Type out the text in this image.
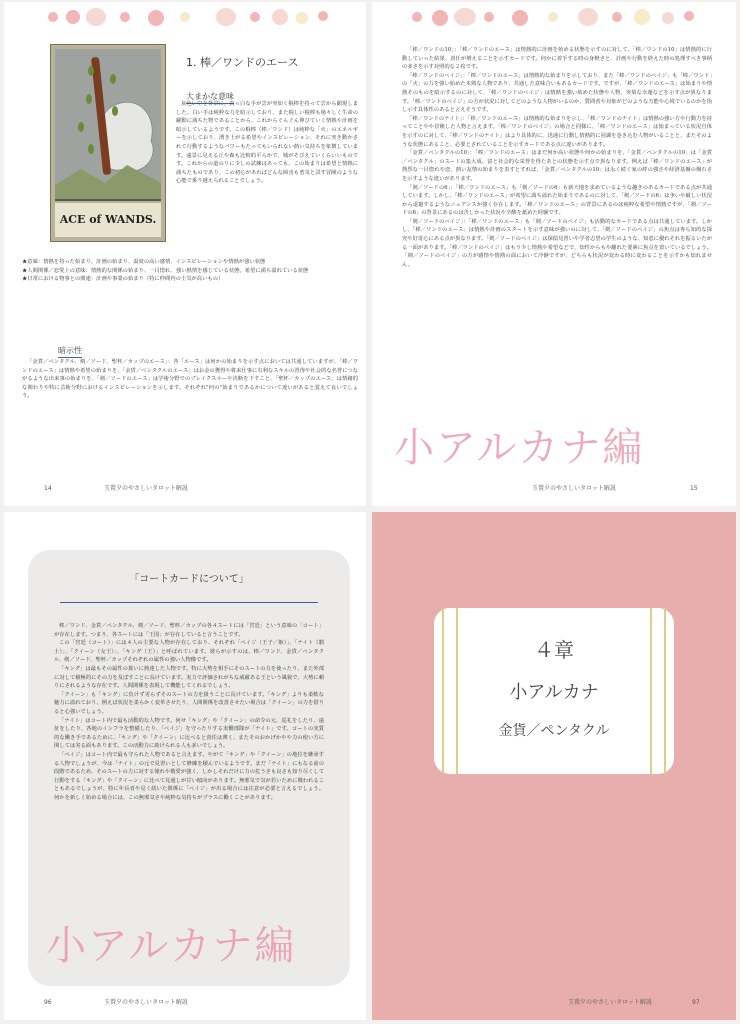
ACE of WANDS.
1. 棒／ワンドのエース
大まかな意味

灰色い空を背景に、真っ白な手が雲が突如く棍棒を持って雲から顕現しました。白い手は純粋な力を暗示しており、また棍しい棍棒も場々しく生命の躍動に満ちた物であることから、これからぐんぐん伸びていく情熱や計画を暗示しているようです。この棍棒（棒／ワンド）は純粋な「火」のエネルギーを示しており、湧き上がる希望やインスピレーション、それに突き動かされて行動するようなパワーもたってもいられない熱い気持ちを象徴しています。遠景に見える丘や森も比較的平らかで、城がそびえていくらいいものです。これからの道のりに少しの試練はあっても、この始まりは希望と情熱に満ちたものであり、この初心があればどんな障害も勇気と試す冒険のような心能で乗り越えられることでしょう。

★意味：情熱を持った始まり、計画の始まり、温度の高い感情、インスピレーションや情熱が強い状態

★人間関係／恋愛上の意味：情熱的な関係の始まり、一目惚れ、強い熱情を感じている状態、希望に満ち溢れている状態

★日常における物事との関連：計画や事業の始まり（特に仲間内の士気が高いもの）

暗示性

「金貨／ペンタクル、剣／ソード、聖杯／カップのエース」：各「エース」は何かの始まりを示す点においては共通していますが、「棒／ワンドのエース」は情熱や希望の始まりを、「金貨／ペンタクルのエース」はお金の獲得や将来仕事に有利なスキルの習得や社会的な名誉につながるような出来事の始まりを、「剣／ソードのエース」は学術分野でのブレイクスルーや決断を下すこと、「聖杯／カップのエース」は情緒的な関わりや特に芸術分野におけるインスピレーションを示します。それぞれ"何の"始まりであるかについて違いがあると覚えて良いでしょう。

14	玉置夕のやさしいタロット解説

「棒／ワンドの10」：「棒／ワンドのエース」は情熱的に計画を始める状態を示すのに対して、「棒／ワンドの10」は情熱的に行動していった結果、責任が増えることを示すカードです。何かに着手する時の身軽さと、計画や行動を終えた時の処理すべき事柄の多さを示す対照的な２枚です。

「棒／ワンドのペイジ」：「棒／ワンドのエース」は情熱的な始まりを示しており、また「棒／ワンドのペイジ」も「棒／ワンド」の「火」の力を強い始めた未熟な人物であり、共通した意味合いもあるカードです。ですが、「棒／ワンドのエース」は始まりや情熱そのものを暗示するのに対して、「棒／ワンドのペイジ」は情熱を強い始めた状態や人物、突飛な幸運などを示す点が異なります。「棒／ワンドのペイジ」の方が状況に対してどのような人物がいるのか、質問者や対象がどのような方能や心境でいるのかを指し示す具体性のあると言えそうです。

「棒／ワンドのナイト」：「棒／ワンドのエース」は情熱的な始まりを示し、「棒／ワンドのナイト」は情熱の強い方や行動力を持ってことやや冒険した人物と言えます。「棒／ワンドのペイジ」の場合と同様に、「棒／ワンドのエース」は始まっている状況自体を示すのに対して、「棒／ワンドのナイト」はより具体的に、迅速に行動し情熱的に同調を巻き込む人物がいることと、またそのような状態にあること、必要とされていることを示すカードである点に違いがあります。

「金貨／ペンタクルの10」：「棒／ワンドのエース」はまだ何か高い状態や何かの始まりを、「金貨／ペンタクルの10」は「金貨／ペンタクル」のスートの集大成、富と社会的な栄誉を得たあとの状態を示す点で異なります。例えば「棒／ワンドのエース」が熱烈な一目惚れや恋、熱い友情の始まりを表すとすれば、「金貨／ペンタクルの10」は永く続く家の絆の強さや経済基盤の盤石さを示すような違いがあります。

「剣／ソードの6」：「棒／ワンドのエース」も「剣／ソードの6」も新天地を求めているような趣きのあるカードである点が共通しています。しかし、「棒／ワンドのエース」が希望に満ち溢れた始まりであるのに対して、「剣／ソードの6」は争いや厳しい状況から退避するようなニュアンスが強く存在します。「棒／ワンドのエース」の背景にあるのは純粋な希望や情熱ですが、「剣／ソードの6」の背景にあるのは苦しかった状況や辛酸を舐めた経験です。

「剣／ソードのペイジ」：「棒／ワンドのエース」も「剣／ソードのペイジ」も活動的なカードである点は共通しています。しかし、「棒／ワンドのエース」は情熱や計画のスタートを示す意味が強いのに対して、「剣／ソードのペイジ」の焦点は専ら知的な探究や好奇心にある点が異なります。「剣／ソードのペイジ」は探偵見習いや学者志望の学生のような、知恵に優れそれを振るいたがる一面があります。「棒／ワンドのペイジ」はもう少し情熱や希望などで、知性からもや離れた要素に焦点を置いているでしょう。「剣／ソードのペイジ」の方が感情や情熱の面において冷静ですが、どちらも状況が変わる時に変わることを示すかも知れません。

小アルカナ編
玉置夕のやさしいタロット解説	15
「コートカードについて」

棒／ワンド、金貨／ペンタクル、剣／ソード、聖杯／カップの各４スートには「宮廷」という意味の「コート」が存在します。つまり、各スートには「王国」が存在していると言うことです。

この「宮廷（コート）」には４人の主要な人物が存在しており、それぞれ「ペイジ（王子／姫）」、「ナイト（騎士）」、「クイーン（女王）」、「キング（王）」と呼ばれています。彼らが示すのは、棒／ワンド、金貨／ペンタクル、剣／ソード、聖杯／カップそれぞれの属性の強い人物像です。

「キング」は最もその属性の扱いに熟達した人物です。特に大勢を相手にそのスートの力を使ったり、また外部に対して積極的にその力を及ぼすことに長けています。実力で評価されがちな威厳ある王という風貌で、大勢に頼りにされるような存在です。人間関係を表現して機能してくれるでしょう。

「クイーン」も「キング」に負けず劣らずそのスートの力を扱うことに長けています。「キング」よりも柔軟な魅力に溢れており、例えば状況を柔らかく変革させたり、人間関係を改善させたい場合は「クイーン」の力を借りると心強いでしょう。

「ナイト」はコート内で最も活動的な人物です。何せ「キング」や「クイーン」の命令の元、巡礼をしたり、遠征をしたり、各地のインフラを整備したり、「ペイジ」を守ったりする実働部隊が「ナイト」です。コートの実質的な働き手であるために、「キング」や「クイーン」に比べると責任は薄く、またそのおかげかやや力の使い方に関しては劣る面もあります。この活動力に助けられる人も多いでしょう。

「ペイジ」はコート内で最も守られた人物であると言えます。やがて「キング」や「クイーン」の地位を継承する人物でしょうが、今は「ナイト」の元で見習いとして修練を積んでいるようです。まだ「ナイト」にもなる前の段階であるため、そのスートの力に対する憧れや敬愛が強く、しかしそれだけに力の危うさも良さも知り尽くして行動をする「キング」や「クイーン」に比べて見通しが甘い傾向があります。無邪気で気が若いために戦われることもあるでしょうが、特に年長者や見く続いた関係に「ペイジ」が出る場合には注意が必要と言えるでしょう。何かを新しく始める場合には、この無邪気さや純粋な気持ちがプラスに働くことがあります。

小アルカナ編
96	玉置夕のやさしいタロット解説
４章
小アルカナ
金貨／ペンタクル
玉置夕のやさしいタロット解説	97
